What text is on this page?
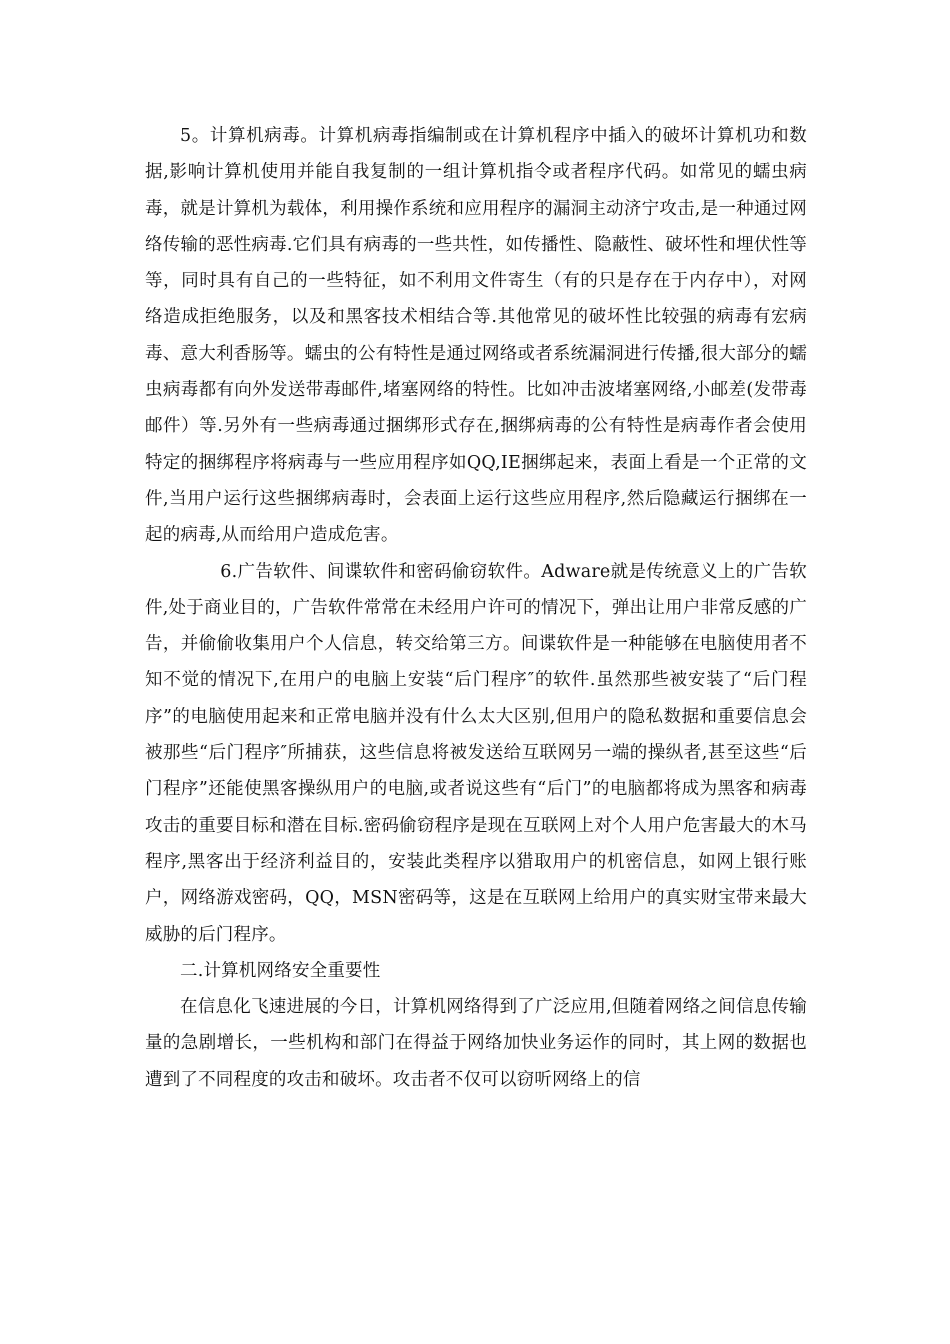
5。计算机病毒。计算机病毒指编制或在计算机程序中插入的破坏计算机功和数据,影响计算机使用并能自我复制的一组计算机指令或者程序代码。如常见的蠕虫病毒，就是计算机为载体，利用操作系统和应用程序的漏洞主动济宁攻击,是一种通过网络传输的恶性病毒.它们具有病毒的一些共性，如传播性、隐蔽性、破坏性和埋伏性等等，同时具有自己的一些特征，如不利用文件寄生（有的只是存在于内存中），对网络造成拒绝服务，以及和黑客技术相结合等.其他常见的破坏性比较强的病毒有宏病毒、意大利香肠等。蠕虫的公有特性是通过网络或者系统漏洞进行传播,很大部分的蠕虫病毒都有向外发送带毒邮件,堵塞网络的特性。比如冲击波堵塞网络,小邮差(发带毒邮件）等.另外有一些病毒通过捆绑形式存在,捆绑病毒的公有特性是病毒作者会使用特定的捆绑程序将病毒与一些应用程序如QQ,IE捆绑起来，表面上看是一个正常的文件,当用户运行这些捆绑病毒时，会表面上运行这些应用程序,然后隐藏运行捆绑在一起的病毒,从而给用户造成危害。

6.广告软件、间谍软件和密码偷窃软件。Adware就是传统意义上的广告软件,处于商业目的，广告软件常常在未经用户许可的情况下，弹出让用户非常反感的广告，并偷偷收集用户个人信息，转交给第三方。间谍软件是一种能够在电脑使用者不知不觉的情况下,在用户的电脑上安装“后门程序″的软件.虽然那些被安装了“后门程序”的电脑使用起来和正常电脑并没有什么太大区别,但用户的隐私数据和重要信息会被那些“后门程序″所捕获，这些信息将被发送给互联网另一端的操纵者,甚至这些“后门程序”还能使黑客操纵用户的电脑,或者说这些有“后门”的电脑都将成为黑客和病毒攻击的重要目标和潜在目标.密码偷窃程序是现在互联网上对个人用户危害最大的木马程序,黑客出于经济利益目的，安装此类程序以猎取用户的机密信息，如网上银行账户，网络游戏密码，QQ，MSN密码等，这是在互联网上给用户的真实财宝带来最大威胁的后门程序。

二.计算机网络安全重要性

在信息化飞速进展的今日，计算机网络得到了广泛应用,但随着网络之间信息传输量的急剧增长，一些机构和部门在得益于网络加快业务运作的同时，其上网的数据也遭到了不同程度的攻击和破坏。攻击者不仅可以窃听网络上的信
